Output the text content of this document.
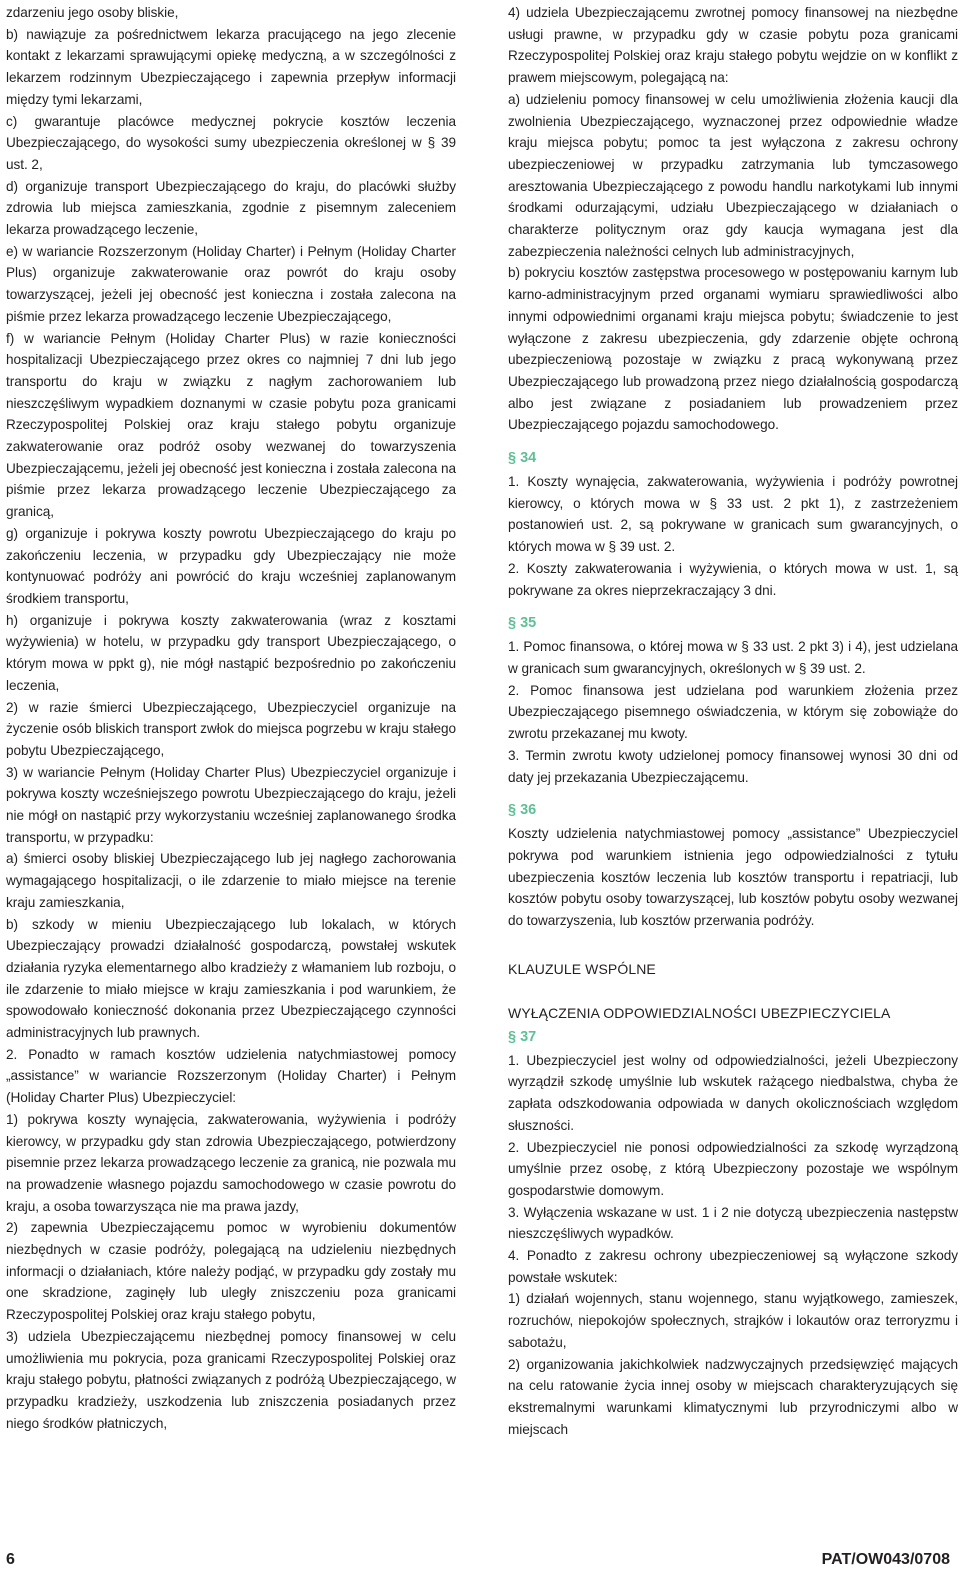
zdarzeniu jego osoby bliskie,

b) nawiązuje za pośrednictwem lekarza pracującego na jego zlecenie kontakt z lekarzami sprawującymi opiekę medyczną, a w szczególności z lekarzem rodzinnym Ubezpieczającego i zapewnia przepływ informacji między tymi lekarzami,

c) gwarantuje placówce medycznej pokrycie kosztów leczenia Ubezpieczającego, do wysokości sumy ubezpieczenia określonej w § 39 ust. 2,

d) organizuje transport Ubezpieczającego do kraju, do placówki służby zdrowia lub miejsca zamieszkania, zgodnie z pisemnym zaleceniem lekarza prowadzącego leczenie,

e) w wariancie Rozszerzonym (Holiday Charter) i Pełnym (Holiday Charter Plus) organizuje zakwaterowanie oraz powrót do kraju osoby towarzyszącej, jeżeli jej obecność jest konieczna i została zalecona na piśmie przez lekarza prowadzącego leczenie Ubezpieczającego,

f) w wariancie Pełnym (Holiday Charter Plus) w razie konieczności hospitalizacji Ubezpieczającego przez okres co najmniej 7 dni lub jego transportu do kraju w związku z nagłym zachorowaniem lub nieszczęśliwym wypadkiem doznanymi w czasie pobytu poza granicami Rzeczypospolitej Polskiej oraz kraju stałego pobytu organizuje zakwaterowanie oraz podróż osoby wezwanej do towarzyszenia Ubezpieczającemu, jeżeli jej obecność jest konieczna i została zalecona na piśmie przez lekarza prowadzącego leczenie Ubezpieczającego za granicą,

g) organizuje i pokrywa koszty powrotu Ubezpieczającego do kraju po zakończeniu leczenia, w przypadku gdy Ubezpieczający nie może kontynuować podróży ani powrócić do kraju wcześniej zaplanowanym środkiem transportu,

h) organizuje i pokrywa koszty zakwaterowania (wraz z kosztami wyżywienia) w hotelu, w przypadku gdy transport Ubezpieczającego, o którym mowa w ppkt g), nie mógł nastąpić bezpośrednio po zakończeniu leczenia,

2) w razie śmierci Ubezpieczającego, Ubezpieczyciel organizuje na życzenie osób bliskich transport zwłok do miejsca pogrzebu w kraju stałego pobytu Ubezpieczającego,

3) w wariancie Pełnym (Holiday Charter Plus) Ubezpieczyciel organizuje i pokrywa koszty wcześniejszego powrotu Ubezpieczającego do kraju, jeżeli nie mógł on nastąpić przy wykorzystaniu wcześniej zaplanowanego środka transportu, w przypadku:

a) śmierci osoby bliskiej Ubezpieczającego lub jej nagłego zachorowania wymagającego hospitalizacji, o ile zdarzenie to miało miejsce na terenie kraju zamieszkania,

b) szkody w mieniu Ubezpieczającego lub lokalach, w których Ubezpieczający prowadzi działalność gospodarczą, powstałej wskutek działania ryzyka elementarnego albo kradzieży z włamaniem lub rozboju, o ile zdarzenie to miało miejsce w kraju zamieszkania i pod warunkiem, że spowodowało konieczność dokonania przez Ubezpieczającego czynności administracyjnych lub prawnych.

2. Ponadto w ramach kosztów udzielenia natychmiastowej pomocy „assistance” w wariancie Rozszerzonym (Holiday Charter) i Pełnym (Holiday Charter Plus) Ubezpieczyciel:

1) pokrywa koszty wynajęcia, zakwaterowania, wyżywienia i podróży kierowcy, w przypadku gdy stan zdrowia Ubezpieczającego, potwierdzony pisemnie przez lekarza prowadzącego leczenie za granicą, nie pozwala mu na prowadzenie własnego pojazdu samochodowego w czasie powrotu do kraju, a osoba towarzysząca nie ma prawa jazdy,

2) zapewnia Ubezpieczającemu pomoc w wyrobieniu dokumentów niezbędnych w czasie podróży, polegającą na udzieleniu niezbędnych informacji o działaniach, które należy podjąć, w przypadku gdy zostały mu one skradzione, zaginęły lub uległy zniszczeniu poza granicami Rzeczypospolitej Polskiej oraz kraju stałego pobytu,

3) udziela Ubezpieczającemu niezbędnej pomocy finansowej w celu umożliwienia mu pokrycia, poza granicami Rzeczypospolitej Polskiej oraz kraju stałego pobytu, płatności związanych z podróżą Ubezpieczającego, w przypadku kradzieży, uszkodzenia lub zniszczenia posiadanych przez niego środków płatniczych,

4) udziela Ubezpieczającemu zwrotnej pomocy finansowej na niezbędne usługi prawne, w przypadku gdy w czasie pobytu poza granicami Rzeczypospolitej Polskiej oraz kraju stałego pobytu wejdzie on w konflikt z prawem miejscowym, polegającą na:

a) udzieleniu pomocy finansowej w celu umożliwienia złożenia kaucji dla zwolnienia Ubezpieczającego, wyznaczonej przez odpowiednie władze kraju miejsca pobytu; pomoc ta jest wyłączona z zakresu ochrony ubezpieczeniowej w przypadku zatrzymania lub tymczasowego aresztowania Ubezpieczającego z powodu handlu narkotykami lub innymi środkami odurzającymi, udziału Ubezpieczającego w działaniach o charakterze politycznym oraz gdy kaucja wymagana jest dla zabezpieczenia należności celnych lub administracyjnych,

b) pokryciu kosztów zastępstwa procesowego w postępowaniu karnym lub karno-administracyjnym przed organami wymiaru sprawiedliwości albo innymi odpowiednimi organami kraju miejsca pobytu; świadczenie to jest wyłączone z zakresu ubezpieczenia, gdy zdarzenie objęte ochroną ubezpieczeniową pozostaje w związku z pracą wykonywaną przez Ubezpieczającego lub prowadzoną przez niego działalnością gospodarczą albo jest związane z posiadaniem lub prowadzeniem przez Ubezpieczającego pojazdu samochodowego.

§ 34

1. Koszty wynajęcia, zakwaterowania, wyżywienia i podróży powrotnej kierowcy, o których mowa w § 33 ust. 2 pkt 1), z zastrzeżeniem postanowień ust. 2, są pokrywane w granicach sum gwarancyjnych, o których mowa w § 39 ust. 2.

2. Koszty zakwaterowania i wyżywienia, o których mowa w ust. 1, są pokrywane za okres nieprzekraczający 3 dni.

§ 35

1. Pomoc finansowa, o której mowa w § 33 ust. 2 pkt 3) i 4), jest udzielana w granicach sum gwarancyjnych, określonych w § 39 ust. 2.

2. Pomoc finansowa jest udzielana pod warunkiem złożenia przez Ubezpieczającego pisemnego oświadczenia, w którym się zobowiąże do zwrotu przekazanej mu kwoty.

3. Termin zwrotu kwoty udzielonej pomocy finansowej wynosi 30 dni od daty jej przekazania Ubezpieczającemu.

§ 36

Koszty udzielenia natychmiastowej pomocy „assistance” Ubezpieczyciel pokrywa pod warunkiem istnienia jego odpowiedzialności z tytułu ubezpieczenia kosztów leczenia lub kosztów transportu i repatriacji, lub kosztów pobytu osoby towarzyszącej, lub kosztów pobytu osoby wezwanej do towarzyszenia, lub kosztów przerwania podróży.

KLAUZULE WSPÓLNE
WYŁĄCZENIA ODPOWIEDZIALNOŚCI UBEZPIECZYCIELA
§ 37

1. Ubezpieczyciel jest wolny od odpowiedzialności, jeżeli Ubezpieczony wyrządził szkodę umyślnie lub wskutek rażącego niedbalstwa, chyba że zapłata odszkodowania odpowiada w danych okolicznościach względom słuszności.

2. Ubezpieczyciel nie ponosi odpowiedzialności za szkodę wyrządzoną umyślnie przez osobę, z którą Ubezpieczony pozostaje we wspólnym gospodarstwie domowym.

3. Wyłączenia wskazane w ust. 1 i 2 nie dotyczą ubezpieczenia następstw nieszczęśliwych wypadków.

4. Ponadto z zakresu ochrony ubezpieczeniowej są wyłączone szkody powstałe wskutek:

1) działań wojennych, stanu wojennego, stanu wyjątkowego, zamieszek, rozruchów, niepokojów społecznych, strajków i lokautów oraz terroryzmu i sabotażu,

2) organizowania jakichkolwiek nadzwyczajnych przedsięwzięć mających na celu ratowanie życia innej osoby w miejscach charakteryzujących się ekstremalnymi warunkami klimatycznymi lub przyrodniczymi albo w miejscach

6	PAT/OW043/0708
